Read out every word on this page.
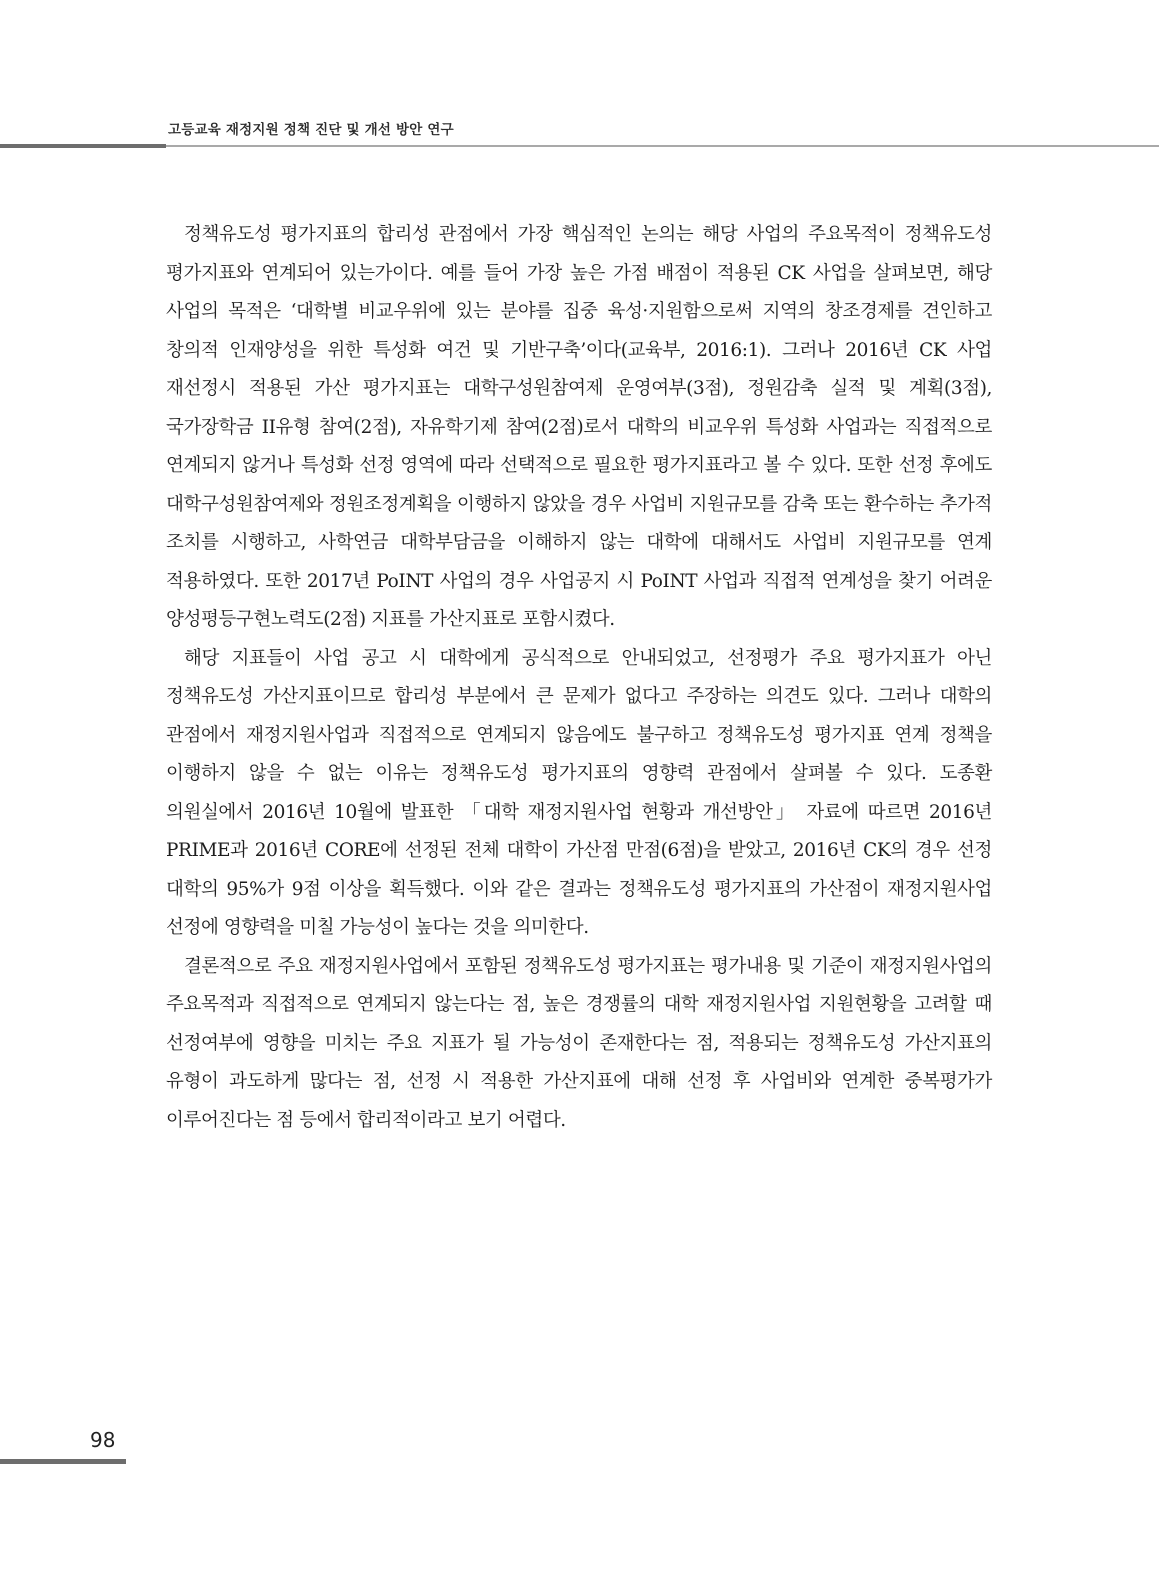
고등교육 재정지원 정책 진단 및 개선 방안 연구

정책유도성 평가지표의 합리성 관점에서 가장 핵심적인 논의는 해당 사업의 주요목적이 정책유도성 평가지표와 연계되어 있는가이다. 예를 들어 가장 높은 가점 배점이 적용된 CK 사업을 살펴보면, 해당 사업의 목적은 ‘대학별 비교우위에 있는 분야를 집중 육성·지원함으로써 지역의 창조경제를 견인하고 창의적 인재양성을 위한 특성화 여건 및 기반구축’이다(교육부, 2016:1). 그러나 2016년 CK 사업 재선정시 적용된 가산 평가지표는 대학구성원참여제 운영여부(3점), 정원감축 실적 및 계획(3점), 국가장학금 II유형 참여(2점), 자유학기제 참여(2점)로서 대학의 비교우위 특성화 사업과는 직접적으로 연계되지 않거나 특성화 선정 영역에 따라 선택적으로 필요한 평가지표라고 볼 수 있다. 또한 선정 후에도 대학구성원참여제와 정원조정계획을 이행하지 않았을 경우 사업비 지원규모를 감축 또는 환수하는 추가적 조치를 시행하고, 사학연금 대학부담금을 이해하지 않는 대학에 대해서도 사업비 지원규모를 연계 적용하였다. 또한 2017년 PoINT 사업의 경우 사업공지 시 PoINT 사업과 직접적 연계성을 찾기 어려운 양성평등구현노력도(2점) 지표를 가산지표로 포함시켰다.

해당 지표들이 사업 공고 시 대학에게 공식적으로 안내되었고, 선정평가 주요 평가지표가 아닌 정책유도성 가산지표이므로 합리성 부분에서 큰 문제가 없다고 주장하는 의견도 있다. 그러나 대학의 관점에서 재정지원사업과 직접적으로 연계되지 않음에도 불구하고 정책유도성 평가지표 연계 정책을 이행하지 않을 수 없는 이유는 정책유도성 평가지표의 영향력 관점에서 살펴볼 수 있다. 도종환 의원실에서 2016년 10월에 발표한 「대학 재정지원사업 현황과 개선방안」 자료에 따르면 2016년 PRIME과 2016년 CORE에 선정된 전체 대학이 가산점 만점(6점)을 받았고, 2016년 CK의 경우 선정 대학의 95%가 9점 이상을 획득했다. 이와 같은 결과는 정책유도성 평가지표의 가산점이 재정지원사업 선정에 영향력을 미칠 가능성이 높다는 것을 의미한다.

결론적으로 주요 재정지원사업에서 포함된 정책유도성 평가지표는 평가내용 및 기준이 재정지원사업의 주요목적과 직접적으로 연계되지 않는다는 점, 높은 경쟁률의 대학 재정지원사업 지원현황을 고려할 때 선정여부에 영향을 미치는 주요 지표가 될 가능성이 존재한다는 점, 적용되는 정책유도성 가산지표의 유형이 과도하게 많다는 점, 선정 시 적용한 가산지표에 대해 선정 후 사업비와 연계한 중복평가가 이루어진다는 점 등에서 합리적이라고 보기 어렵다.

98
